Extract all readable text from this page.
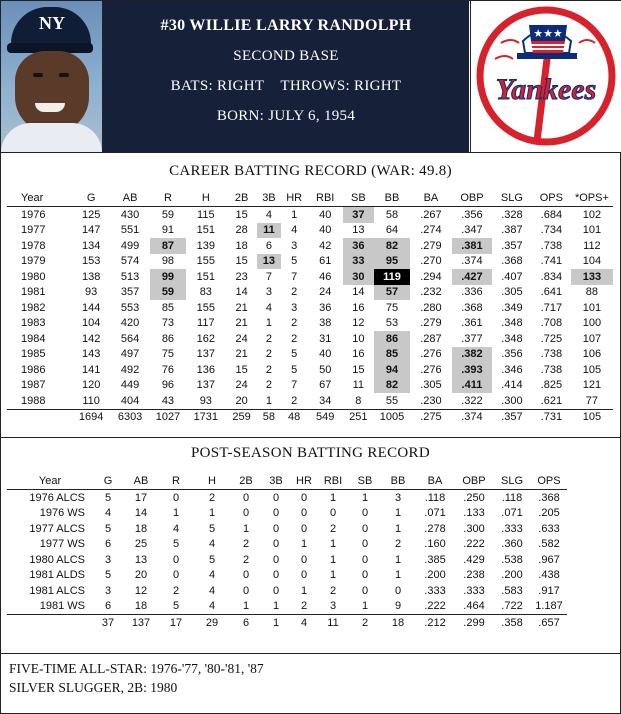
NY	#30 WILLIE LARRY RANDOLPH
SECOND BASE
BATS: RIGHT THROWS: RIGHT
BORN: JULY 6, 1954
★★★
Yankees
CAREER BATTING RECORD (WAR: 49.8)
Year	G	AB	R	H	2B	3B	HR	RBI	SB	BB	BA	OBP	SLG	OPS	*OPS+
1976	125	430	59	115	15	4	1	40	37	58	.267	.356	.328	.684	102
1977	147	551	91	151	28	11	4	40	13	64	.274	.347	.387	.734	101
1978	134	499	87	139	18	6	3	42	36	82	.279	.381	.357	.738	112
1979	153	574	98	155	15	13	5	61	33	95	.270	.374	.368	.741	104
1980	138	513	99	151	23	7	7	46	30	119	.294	.427	.407	.834	133
1981	93	357	59	83	14	3	2	24	14	57	.232	.336	.305	.641	88
1982	144	553	85	155	21	4	3	36	16	75	.280	.368	.349	.717	101
1983	104	420	73	117	21	1	2	38	12	53	.279	.361	.348	.708	100
1984	142	564	86	162	24	2	2	31	10	86	.287	.377	.348	.725	107
1985	143	497	75	137	21	2	5	40	16	85	.276	.382	.356	.738	106
1986	141	492	76	136	15	2	5	50	15	94	.276	.393	.346	.738	105
1987	120	449	96	137	24	2	7	67	11	82	.305	.411	.414	.825	121
1988	110	404	43	93	20	1	2	34	8	55	.230	.322	.300	.621	77
	1694	6303	1027	1731	259	58	48	549	251	1005	.275	.374	.357	.731	105
POST-SEASON BATTING RECORD
Year	G	AB	R	H	2B	3B	HR	RBI	SB	BB	BA	OBP	SLG	OPS
1976 ALCS	5	17	0	2	0	0	0	1	1	3	.118	.250	.118	.368
1976 WS	4	14	1	1	0	0	0	0	0	1	.071	.133	.071	.205
1977 ALCS	5	18	4	5	1	0	0	2	0	1	.278	.300	.333	.633
1977 WS	6	25	5	4	2	0	1	1	0	2	.160	.222	.360	.582
1980 ALCS	3	13	0	5	2	0	0	1	0	1	.385	.429	.538	.967
1981 ALDS	5	20	0	4	0	0	0	1	0	1	.200	.238	.200	.438
1981 ALCS	3	12	2	4	0	0	1	2	0	0	.333	.333	.583	.917
1981 WS	6	18	5	4	1	1	2	3	1	9	.222	.464	.722	1.187
	37	137	17	29	6	1	4	11	2	18	.212	.299	.358	.657
FIVE-TIME ALL-STAR: 1976-'77, '80-'81, '87
SILVER SLUGGER, 2B: 1980
